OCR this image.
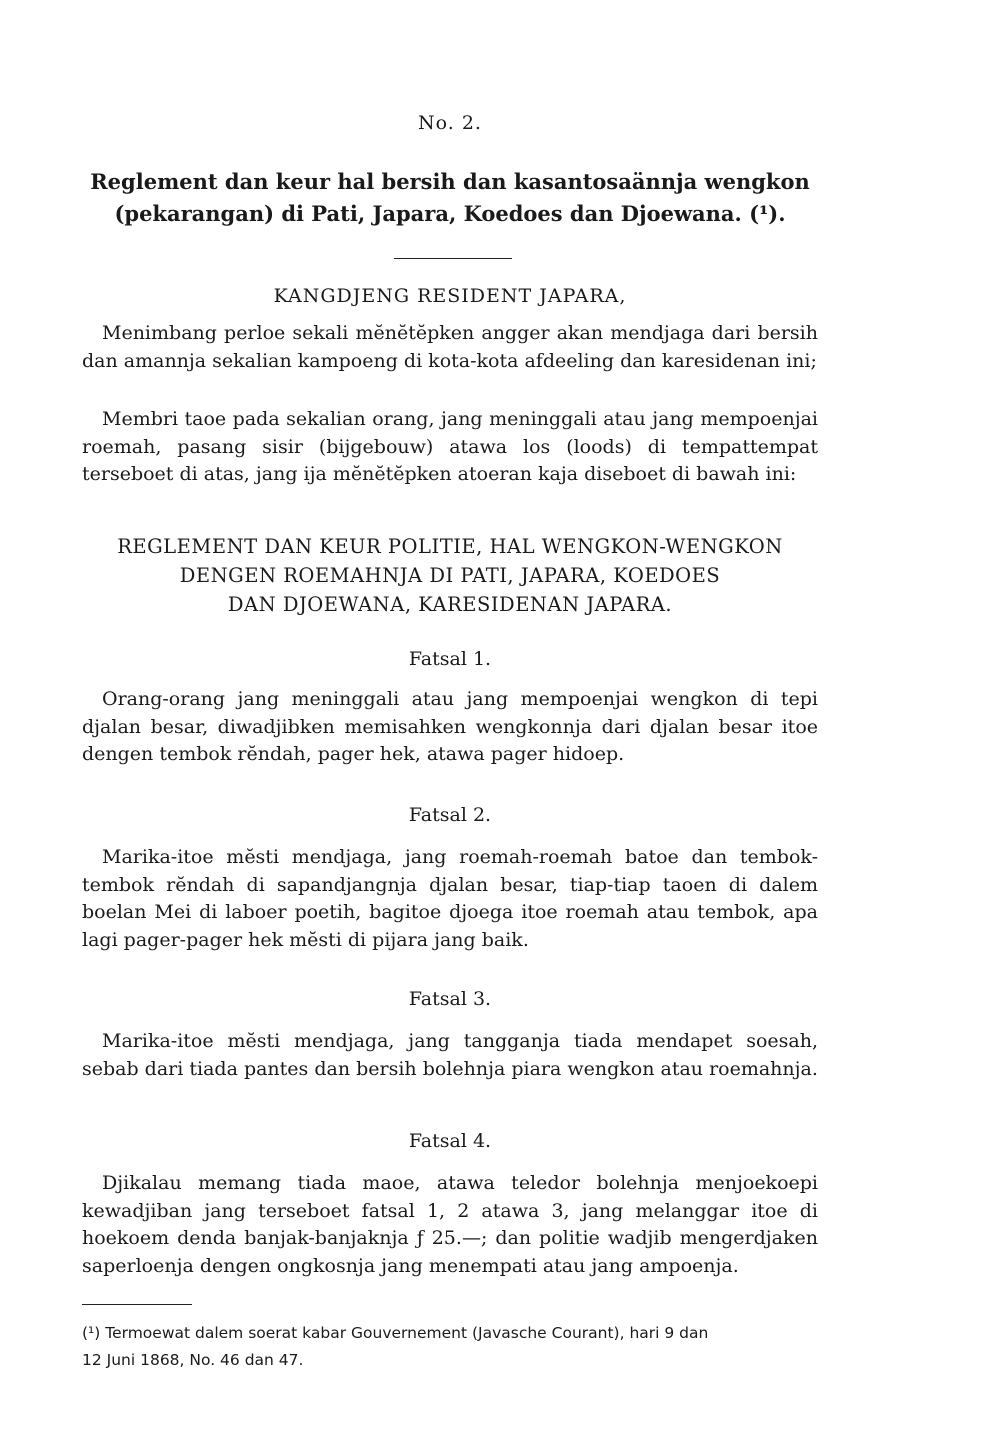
No. 2.
Reglement dan keur hal bersih dan kasantosaännja wengkon
(pekarangan) di Pati, Japara, Koedoes dan Djoewana. (¹).
KANGDJENG RESIDENT JAPARA,
Menimbang perloe sekali mĕnĕtĕpken angger akan mendjaga dari bersih dan amannja sekalian kampoeng di kota-kota afdeeling dan karesidenan ini;
Membri taoe pada sekalian orang, jang meninggali atau jang mempoenjai roemah, pasang sisir (bijgebouw) atawa los (loods) di tempattempat terseboet di atas, jang ija mĕnĕtĕpken atoeran kaja diseboet di bawah ini:
REGLEMENT DAN KEUR POLITIE, HAL WENGKON-WENGKON
DENGEN ROEMAHNJA DI PATI, JAPARA, KOEDOES
DAN DJOEWANA, KARESIDENAN JAPARA.
Fatsal 1.
Orang-orang jang meninggali atau jang mempoenjai wengkon di tepi djalan besar, diwadjibken memisahken wengkonnja dari djalan besar itoe dengen tembok rĕndah, pager hek, atawa pager hidoep.
Fatsal 2.
Marika-itoe mĕsti mendjaga, jang roemah-roemah batoe dan tembok-tembok rĕndah di sapandjangnja djalan besar, tiap-tiap taoen di dalem boelan Mei di laboer poetih, bagitoe djoega itoe roemah atau tembok, apa lagi pager-pager hek mĕsti di pijara jang baik.
Fatsal 3.
Marika-itoe mĕsti mendjaga, jang tangganja tiada mendapet soesah, sebab dari tiada pantes dan bersih bolehnja piara wengkon atau roemahnja.
Fatsal 4.
Djikalau memang tiada maoe, atawa teledor bolehnja menjoekoepi kewadjiban jang terseboet fatsal 1, 2 atawa 3, jang melanggar itoe di hoekoem denda banjak-banjaknja ƒ 25.—; dan politie wadjib mengerdjaken saperloenja dengen ongkosnja jang menempati atau jang ampoenja.
(¹) Termoewat dalem soerat kabar Gouvernement (Javasche Courant), hari 9 dan
12 Juni 1868, No. 46 dan 47.
